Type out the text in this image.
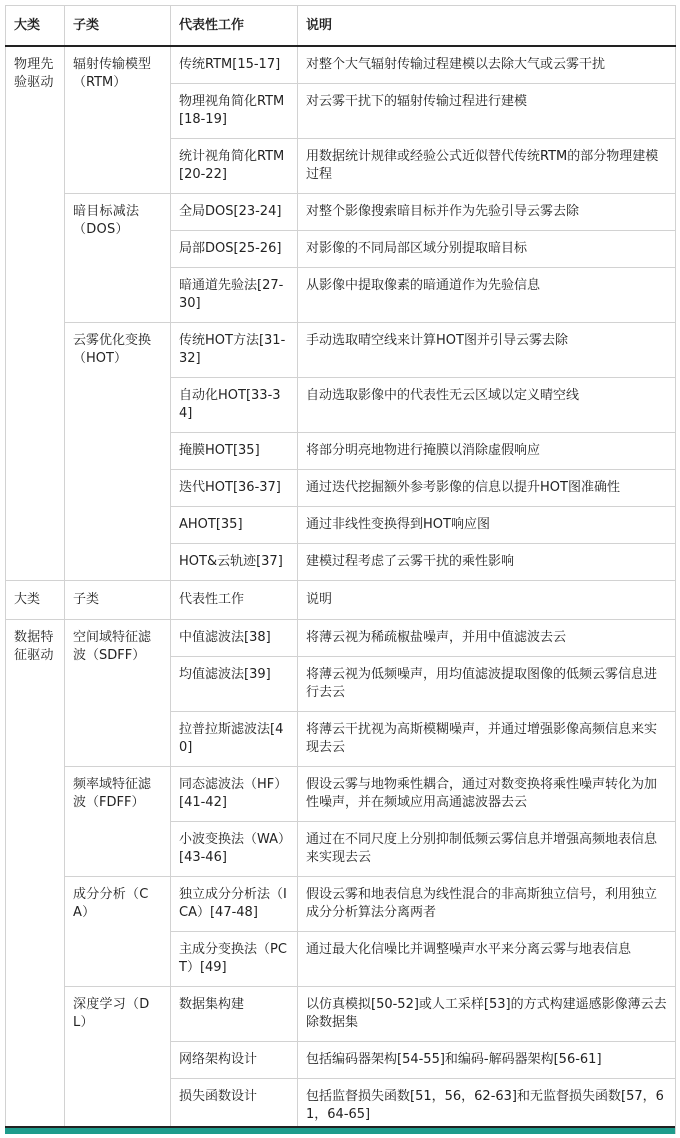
大类	子类	代表性工作	说明
物理先验驱动	辐射传输模型（RTM）	传统RTM[15-17]	对整个大气辐射传输过程建模以去除大气或云雾干扰
		物理视角简化RTM[18-19]	对云雾干扰下的辐射传输过程进行建模
		统计视角简化RTM[20-22]	用数据统计规律或经验公式近似替代传统RTM的部分物理建模过程
	暗目标减法（DOS）	全局DOS[23-24]	对整个影像搜索暗目标并作为先验引导云雾去除
		局部DOS[25-26]	对影像的不同局部区域分别提取暗目标
		暗通道先验法[27-30]	从影像中提取像素的暗通道作为先验信息
	云雾优化变换（HOT）	传统HOT方法[31-32]	手动选取晴空线来计算HOT图并引导云雾去除
		自动化HOT[33-34]	自动选取影像中的代表性无云区域以定义晴空线
		掩膜HOT[35]	将部分明亮地物进行掩膜以消除虚假响应
		迭代HOT[36-37]	通过迭代挖掘额外参考影像的信息以提升HOT图准确性
		AHOT[35]	通过非线性变换得到HOT响应图
		HOT&云轨迹[37]	建模过程考虑了云雾干扰的乘性影响
大类	子类	代表性工作	说明
数据特征驱动	空间域特征滤波（SDFF）	中值滤波法[38]	将薄云视为稀疏椒盐噪声，并用中值滤波去云
		均值滤波法[39]	将薄云视为低频噪声，用均值滤波提取图像的低频云雾信息进行去云
		拉普拉斯滤波法[40]	将薄云干扰视为高斯模糊噪声，并通过增强影像高频信息来实现去云
	频率域特征滤波（FDFF）	同态滤波法（HF）[41-42]	假设云雾与地物乘性耦合，通过对数变换将乘性噪声转化为加性噪声，并在频域应用高通滤波器去云
		小波变换法（WA）[43-46]	通过在不同尺度上分别抑制低频云雾信息并增强高频地表信息来实现去云
	成分分析（CA）	独立成分分析法（ICA）[47-48]	假设云雾和地表信息为线性混合的非高斯独立信号，利用独立成分分析算法分离两者
		主成分变换法（PCT）[49]	通过最大化信噪比并调整噪声水平来分离云雾与地表信息
	深度学习（DL）	数据集构建	以仿真模拟[50-52]或人工采样[53]的方式构建遥感影像薄云去除数据集
		网络架构设计	包括编码器架构[54-55]和编码-解码器架构[56-61]
		损失函数设计	包括监督损失函数[51，56，62-63]和无监督损失函数[57，61，64-65]
